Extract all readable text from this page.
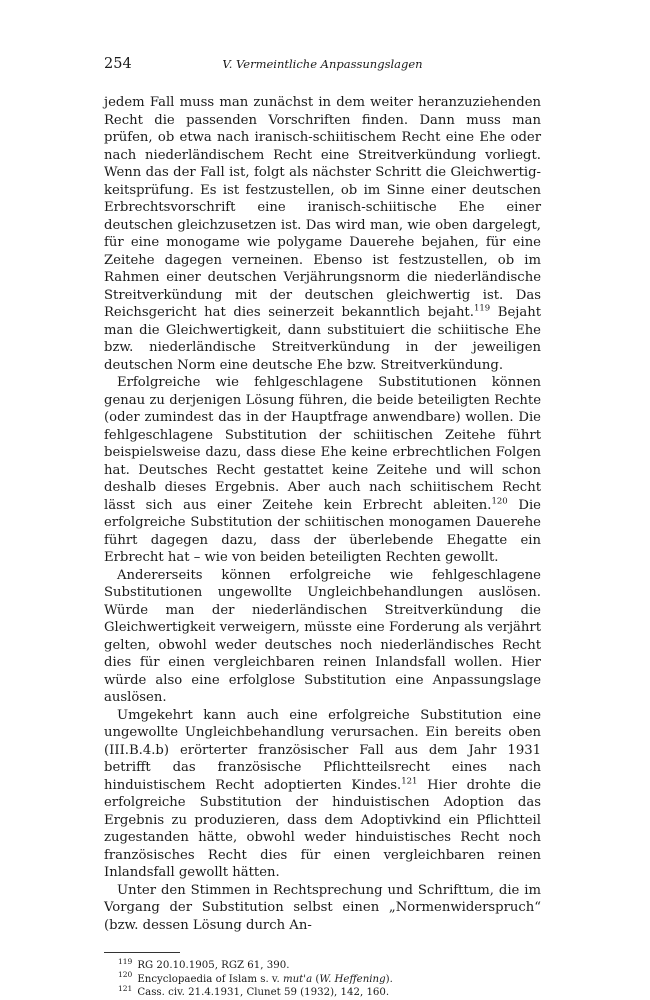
254	V. Vermeintliche Anpassungslagen

jedem Fall muss man zunächst in dem weiter heranzuziehenden Recht die passenden Vorschriften finden. Dann muss man prüfen, ob etwa nach iranisch-schiitischem Recht eine Ehe oder nach niederländischem Recht eine Streitverkündung vorliegt. Wenn das der Fall ist, folgt als nächster Schritt die Gleichwertigkeitsprüfung. Es ist festzustellen, ob im Sinne einer deutschen Erbrechtsvorschrift eine iranisch-schiitische Ehe einer deutschen gleichzusetzen ist. Das wird man, wie oben dargelegt, für eine monogame wie polygame Dauerehe bejahen, für eine Zeitehe dagegen verneinen. Ebenso ist festzustellen, ob im Rahmen einer deutschen Verjährungsnorm die niederländische Streitverkündung mit der deutschen gleichwertig ist. Das Reichsgericht hat dies seinerzeit bekanntlich bejaht.$^{119}$ Bejaht man die Gleichwertigkeit, dann substituiert die schiitische Ehe bzw. niederländische Streitverkündung in der jeweiligen deutschen Norm eine deutsche Ehe bzw. Streitverkündung.

Erfolgreiche wie fehlgeschlagene Substitutionen können genau zu derjenigen Lösung führen, die beide beteiligten Rechte (oder zumindest das in der Hauptfrage anwendbare) wollen. Die fehlgeschlagene Substitution der schiitischen Zeitehe führt beispielsweise dazu, dass diese Ehe keine erbrechtlichen Folgen hat. Deutsches Recht gestattet keine Zeitehe und will schon deshalb dieses Ergebnis. Aber auch nach schiitischem Recht lässt sich aus einer Zeitehe kein Erbrecht ableiten.$^{120}$ Die erfolgreiche Substitution der schiitischen monogamen Dauerehe führt dagegen dazu, dass der überlebende Ehegatte ein Erbrecht hat – wie von beiden beteiligten Rechten gewollt.

Andererseits können erfolgreiche wie fehlgeschlagene Substitutionen ungewollte Ungleichbehandlungen auslösen. Würde man der niederländischen Streitverkündung die Gleichwertigkeit verweigern, müsste eine Forderung als verjährt gelten, obwohl weder deutsches noch niederländisches Recht dies für einen vergleichbaren reinen Inlandsfall wollen. Hier würde also eine erfolglose Substitution eine Anpassungslage auslösen.

Umgekehrt kann auch eine erfolgreiche Substitution eine ungewollte Ungleichbehandlung verursachen. Ein bereits oben (III.B.4.b) erörterter französischer Fall aus dem Jahr 1931 betrifft das französische Pflichtteilsrecht eines nach hinduistischem Recht adoptierten Kindes.$^{121}$ Hier drohte die erfolgreiche Substitution der hinduistischen Adoption das Ergebnis zu produzieren, dass dem Adoptivkind ein Pflichtteil zugestanden hätte, obwohl weder hinduistisches Recht noch französisches Recht dies für einen vergleichbaren reinen Inlandsfall gewollt hätten.

Unter den Stimmen in Rechtsprechung und Schrifttum, die im Vorgang der Substitution selbst einen „Normenwiderspruch“ (bzw. dessen Lösung durch An-

$^{119}$ RG 20.10.1905, RGZ 61, 390.
$^{120}$ Encyclopaedia of Islam s. v. mut'a (W. Heffening).
$^{121}$ Cass. civ. 21.4.1931, Clunet 59 (1932), 142, 160.
